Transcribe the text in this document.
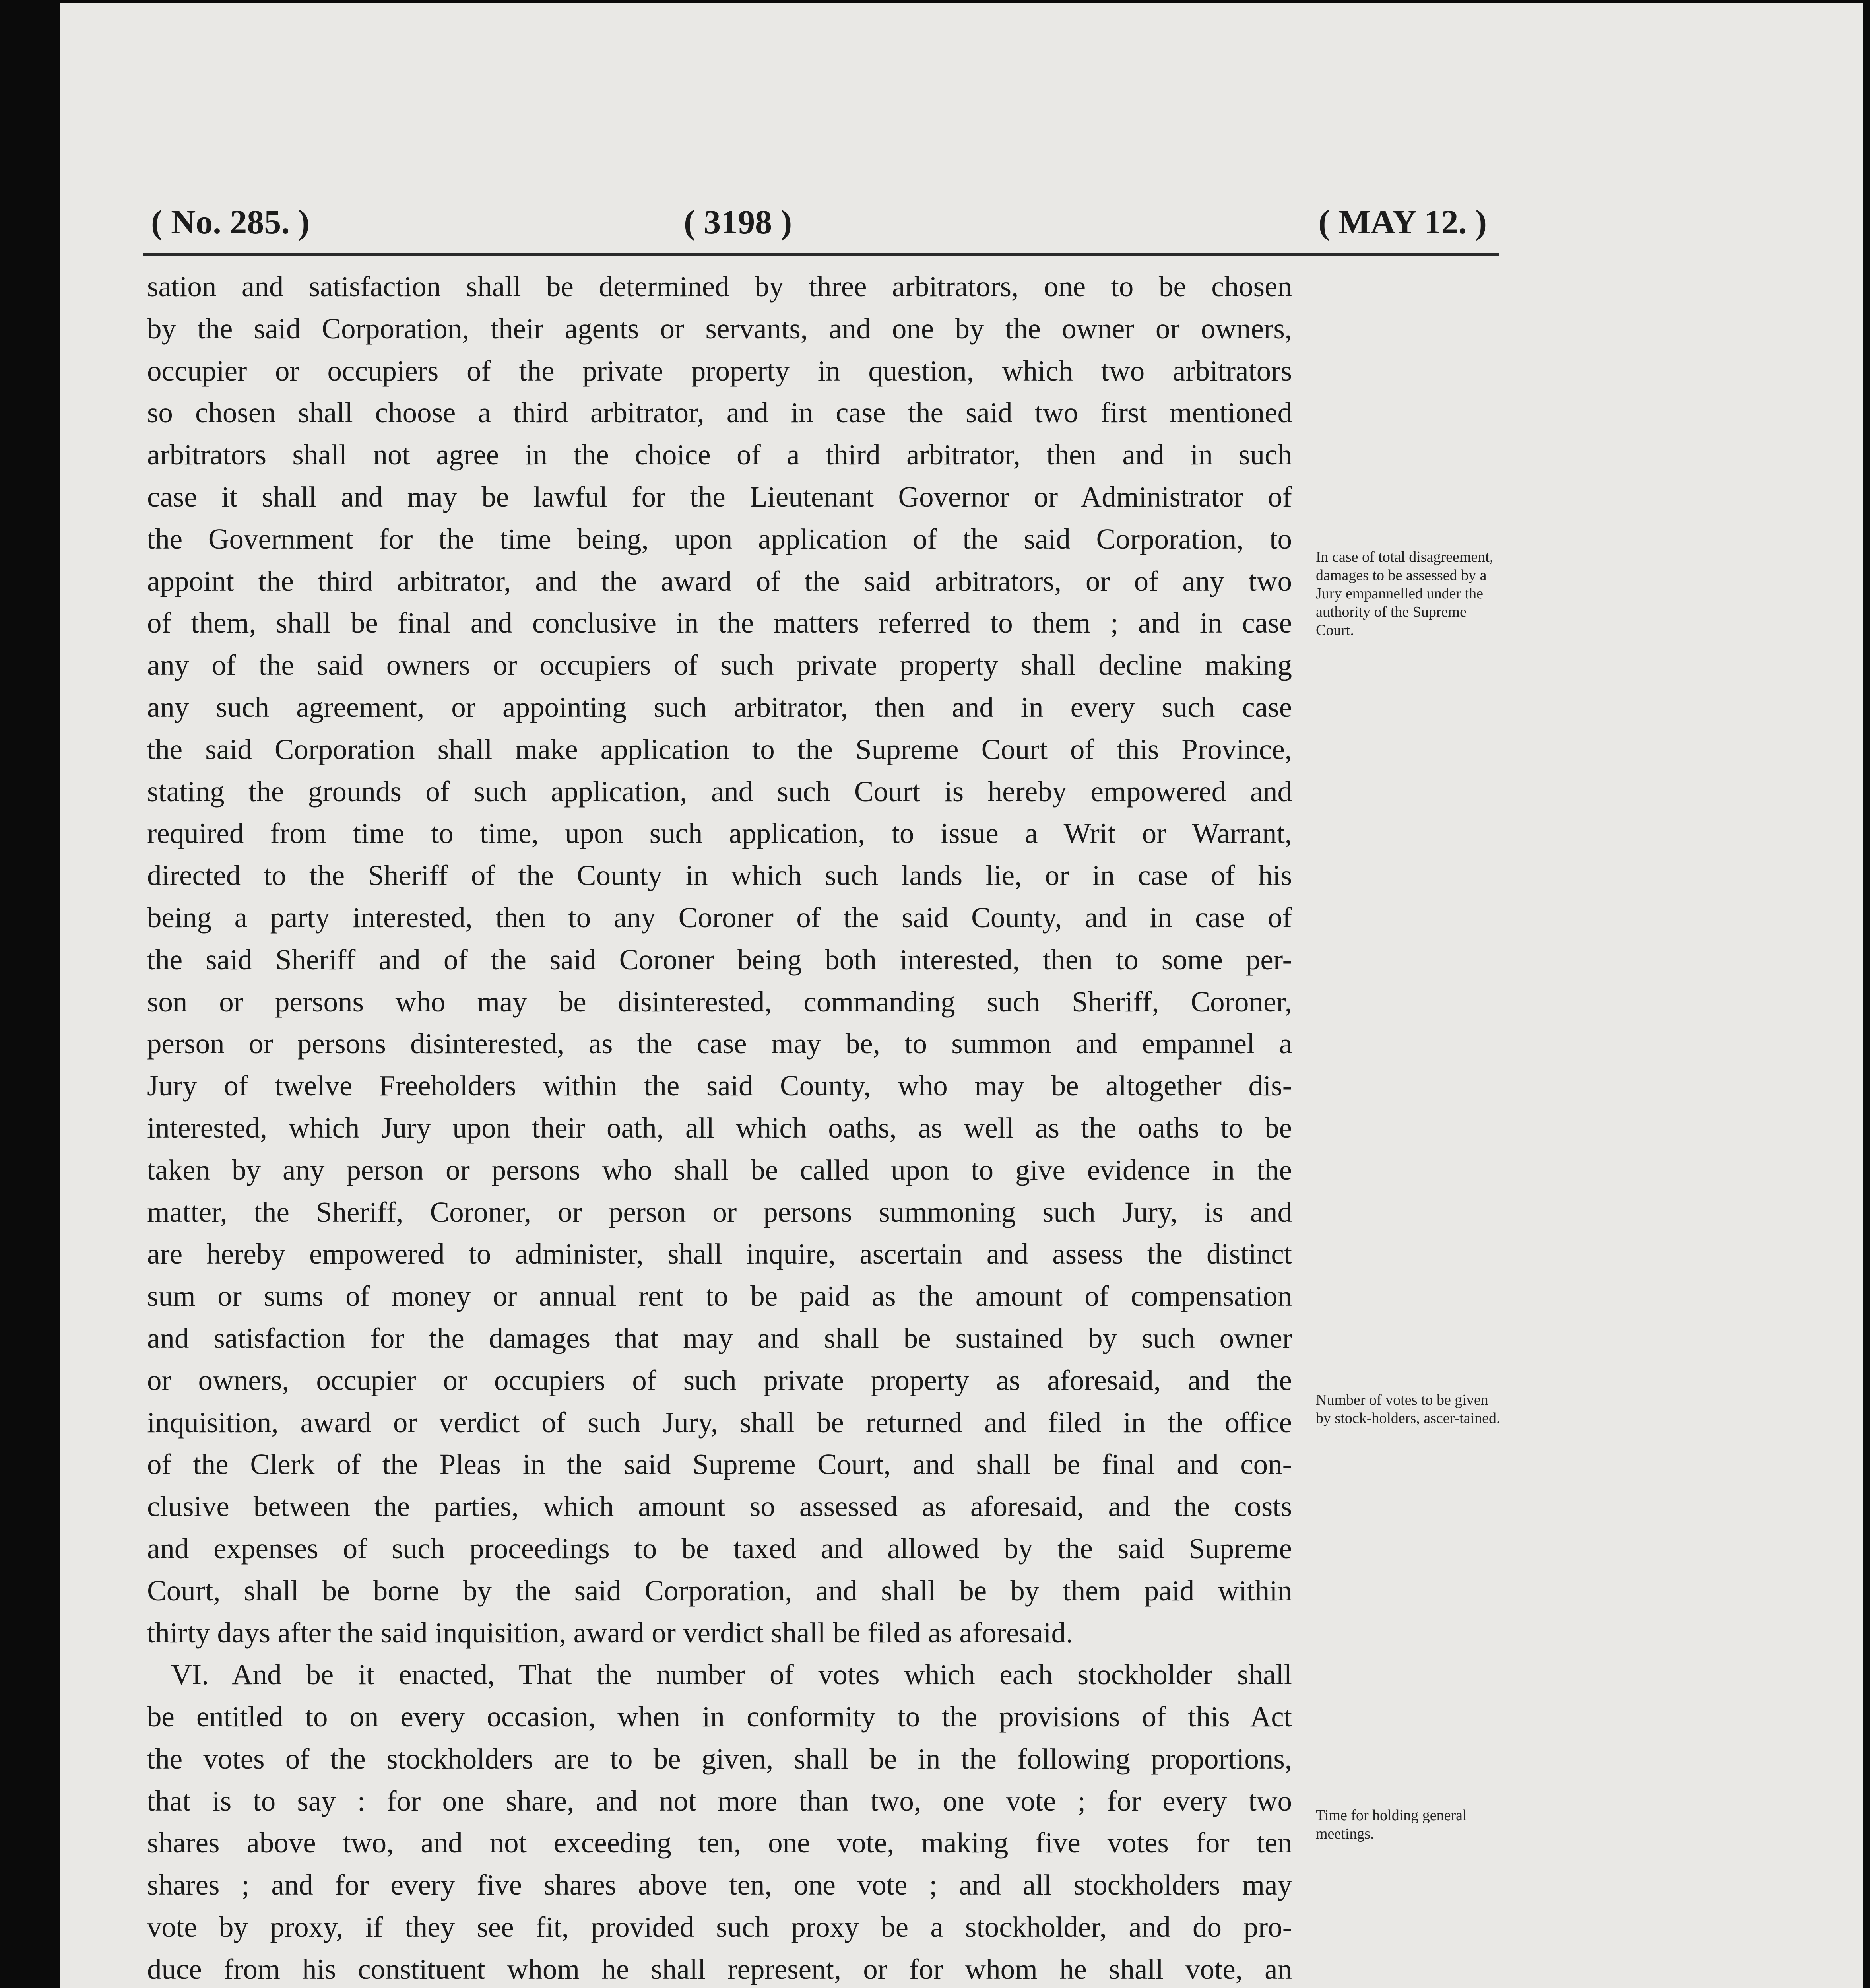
( No. 285. )	( 3198 )	( MAY 12. )
sation and satisfaction shall be determined by three arbitrators, one to be chosen
by the said Corporation, their agents or servants, and one by the owner or owners,
occupier or occupiers of the private property in question, which two arbitrators
so chosen shall choose a third arbitrator, and in case the said two first mentioned
arbitrators shall not agree in the choice of a third arbitrator, then and in such
case it shall and may be lawful for the Lieutenant Governor or Administrator of
the Government for the time being, upon application of the said Corporation, to
appoint the third arbitrator, and the award of the said arbitrators, or of any two
of them, shall be final and conclusive in the matters referred to them ; and in case
any of the said owners or occupiers of such private property shall decline making
any such agreement, or appointing such arbitrator, then and in every such case
the said Corporation shall make application to the Supreme Court of this Province,
stating the grounds of such application, and such Court is hereby empowered and
required from time to time, upon such application, to issue a Writ or Warrant,
directed to the Sheriff of the County in which such lands lie, or in case of his
being a party interested, then to any Coroner of the said County, and in case of
the said Sheriff and of the said Coroner being both interested, then to some per-
son or persons who may be disinterested, commanding such Sheriff, Coroner,
person or persons disinterested, as the case may be, to summon and empannel a
Jury of twelve Freeholders within the said County, who may be altogether dis-
interested, which Jury upon their oath, all which oaths, as well as the oaths to be
taken by any person or persons who shall be called upon to give evidence in the
matter, the Sheriff, Coroner, or person or persons summoning such Jury, is and
are hereby empowered to administer, shall inquire, ascertain and assess the distinct
sum or sums of money or annual rent to be paid as the amount of compensation
and satisfaction for the damages that may and shall be sustained by such owner
or owners, occupier or occupiers of such private property as aforesaid, and the
inquisition, award or verdict of such Jury, shall be returned and filed in the office
of the Clerk of the Pleas in the said Supreme Court, and shall be final and con-
clusive between the parties, which amount so assessed as aforesaid, and the costs
and expenses of such proceedings to be taxed and allowed by the said Supreme
Court, shall be borne by the said Corporation, and shall be by them paid within
thirty days after the said inquisition, award or verdict shall be filed as aforesaid.
VI. And be it enacted, That the number of votes which each stockholder shall
be entitled to on every occasion, when in conformity to the provisions of this Act
the votes of the stockholders are to be given, shall be in the following proportions,
that is to say : for one share, and not more than two, one vote ; for every two
shares above two, and not exceeding ten, one vote, making five votes for ten
shares ; and for every five shares above ten, one vote ; and all stockholders may
vote by proxy, if they see fit, provided such proxy be a stockholder, and do pro-
duce from his constituent whom he shall represent, or for whom he shall vote, an
In case of total disagreement, damages to be assessed by a Jury empannelled under the authority of the Supreme Court.
Number of votes to be given by stock-holders, ascer-tained.
Time for holding general meetings.
